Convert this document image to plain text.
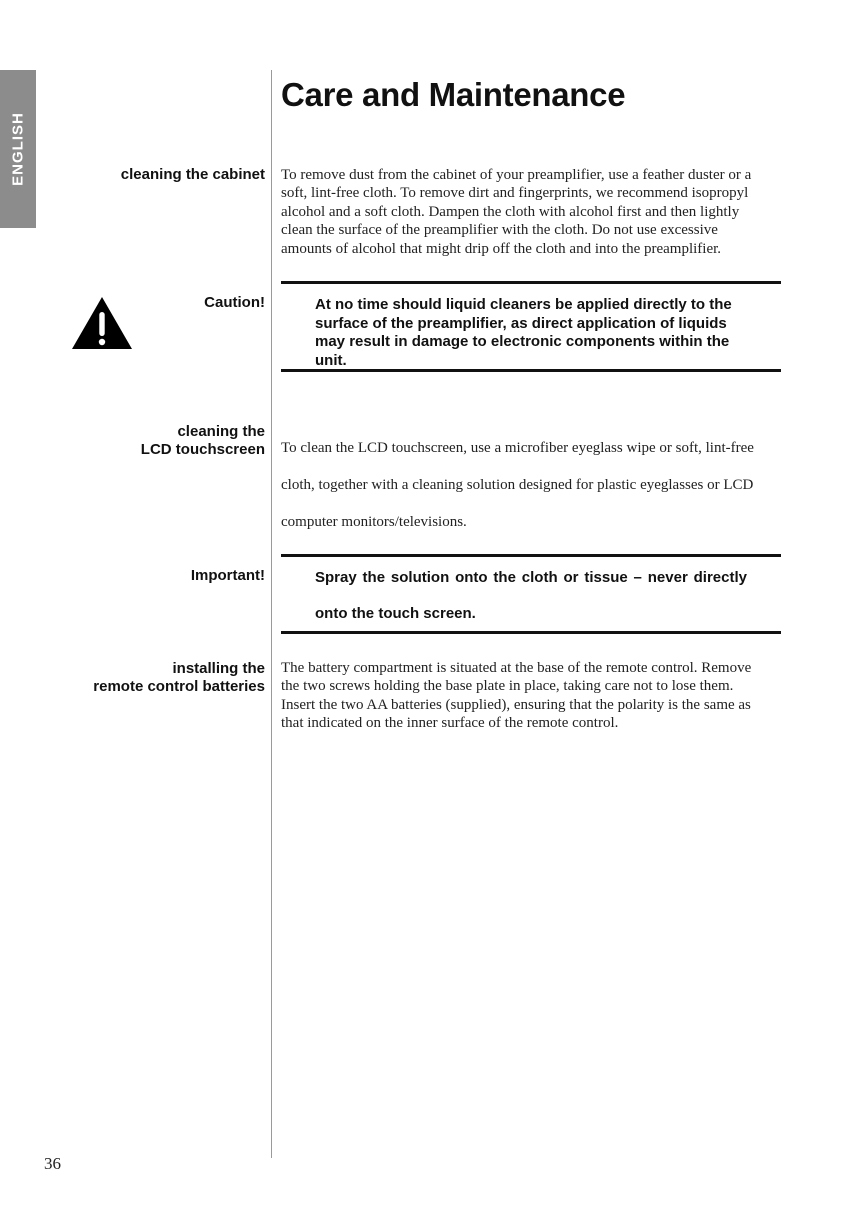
ENGLISH
Care and Maintenance
cleaning the cabinet To remove dust from the cabinet of your preamplifier, use a feather duster or a soft, lint-free cloth. To remove dirt and fingerprints, we recommend isopropyl alcohol and a soft cloth. Dampen the cloth with alcohol first and then lightly clean the surface of the preamplifier with the cloth. Do not use excessive amounts of alcohol that might drip off the cloth and into the preamplifier.

Caution!	At no time should liquid cleaners be applied directly to the surface of the preamplifier, as direct application of liquids may result in damage to electronic components within the unit.

cleaning the
LCD touchscreen To clean the LCD touchscreen, use a microfiber eyeglass wipe or soft, lint-free cloth, together with a cleaning solution designed for plastic eyeglasses or LCD computer monitors/televisions.

Important!	Spray the solution onto the cloth or tissue – never directly onto the touch screen.

installing the
remote control batteries

The battery compartment is situated at the base of the remote control. Remove the two screws holding the base plate in place, taking care not to lose them. Insert the two AA batteries (supplied), ensuring that the polarity is the same as that indicated on the inner surface of the remote control.

36
